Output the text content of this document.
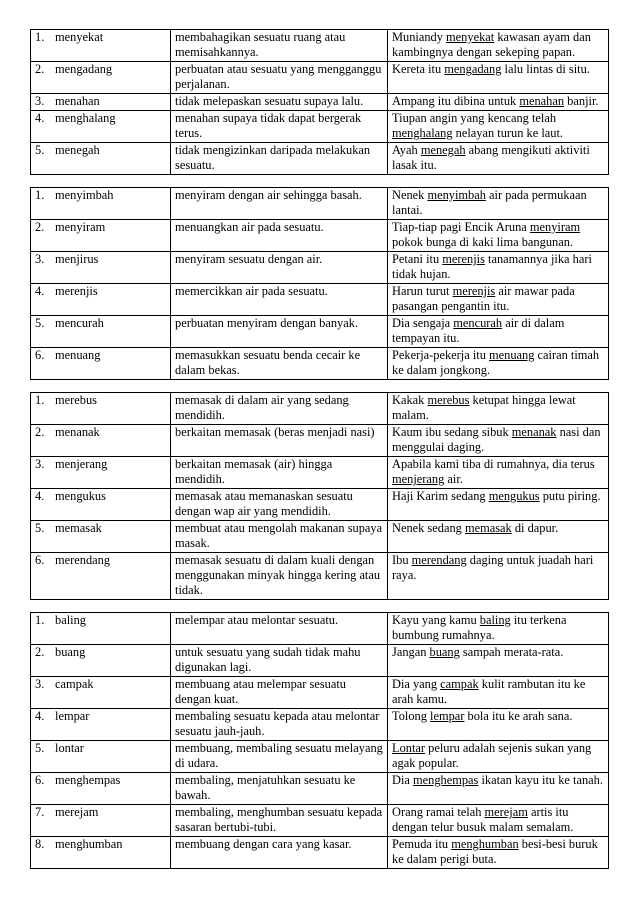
1. menyekat	membahagikan sesuatu ruang atau memisahkannya.	Muniandy menyekat kawasan ayam dan kambingnya dengan sekeping papan.
2. mengadang	perbuatan atau sesuatu yang mengganggu perjalanan.	Kereta itu mengadang lalu lintas di situ.
3. menahan	tidak melepaskan sesuatu supaya lalu.	Ampang itu dibina untuk menahan banjir.
4. menghalang	menahan supaya tidak dapat bergerak terus.	Tiupan angin yang kencang telah menghalang nelayan turun ke laut.
5. menegah	tidak mengizinkan daripada melakukan sesuatu.	Ayah menegah abang mengikuti aktiviti lasak itu.
1. menyimbah	menyiram dengan air sehingga basah.	Nenek menyimbah air pada permukaan lantai.
2. menyiram	menuangkan air pada sesuatu.	Tiap-tiap pagi Encik Aruna menyiram pokok bunga di kaki lima bangunan.
3. menjirus	menyiram sesuatu dengan air.	Petani itu merenjis tanamannya jika hari tidak hujan.
4. merenjis	memercikkan air pada sesuatu.	Harun turut merenjis air mawar pada pasangan pengantin itu.
5. mencurah	perbuatan menyiram dengan banyak.	Dia sengaja mencurah air di dalam tempayan itu.
6. menuang	memasukkan sesuatu benda cecair ke dalam bekas.	Pekerja-pekerja itu menuang cairan timah ke dalam jongkong.
1. merebus	memasak di dalam air yang sedang mendidih.	Kakak merebus ketupat hingga lewat malam.
2. menanak	berkaitan memasak (beras menjadi nasi)	Kaum ibu sedang sibuk menanak nasi dan menggulai daging.
3. menjerang	berkaitan memasak (air) hingga mendidih.	Apabila kami tiba di rumahnya, dia terus menjerang air.
4. mengukus	memasak atau memanaskan sesuatu dengan wap air yang mendidih.	Haji Karim sedang mengukus putu piring.
5. memasak	membuat atau mengolah makanan supaya masak.	Nenek sedang memasak di dapur.
6. merendang	memasak sesuatu di dalam kuali dengan menggunakan minyak hingga kering atau tidak.	Ibu merendang daging untuk juadah hari raya.
1. baling	melempar atau melontar sesuatu.	Kayu yang kamu baling itu terkena bumbung rumahnya.
2. buang	untuk sesuatu yang sudah tidak mahu digunakan lagi.	Jangan buang sampah merata-rata.
3. campak	membuang atau melempar sesuatu dengan kuat.	Dia yang campak kulit rambutan itu ke arah kamu.
4. lempar	membaling sesuatu kepada atau melontar sesuatu jauh-jauh.	Tolong lempar bola itu ke arah sana.
5. lontar	membuang, membaling sesuatu melayang di udara.	Lontar peluru adalah sejenis sukan yang agak popular.
6. menghempas	membaling, menjatuhkan sesuatu ke bawah.	Dia menghempas ikatan kayu itu ke tanah.
7. merejam	membaling, menghumban sesuatu kepada sasaran bertubi-tubi.	Orang ramai telah merejam artis itu dengan telur busuk malam semalam.
8. menghumban	membuang dengan cara yang kasar.	Pemuda itu menghumban besi-besi buruk ke dalam perigi buta.
